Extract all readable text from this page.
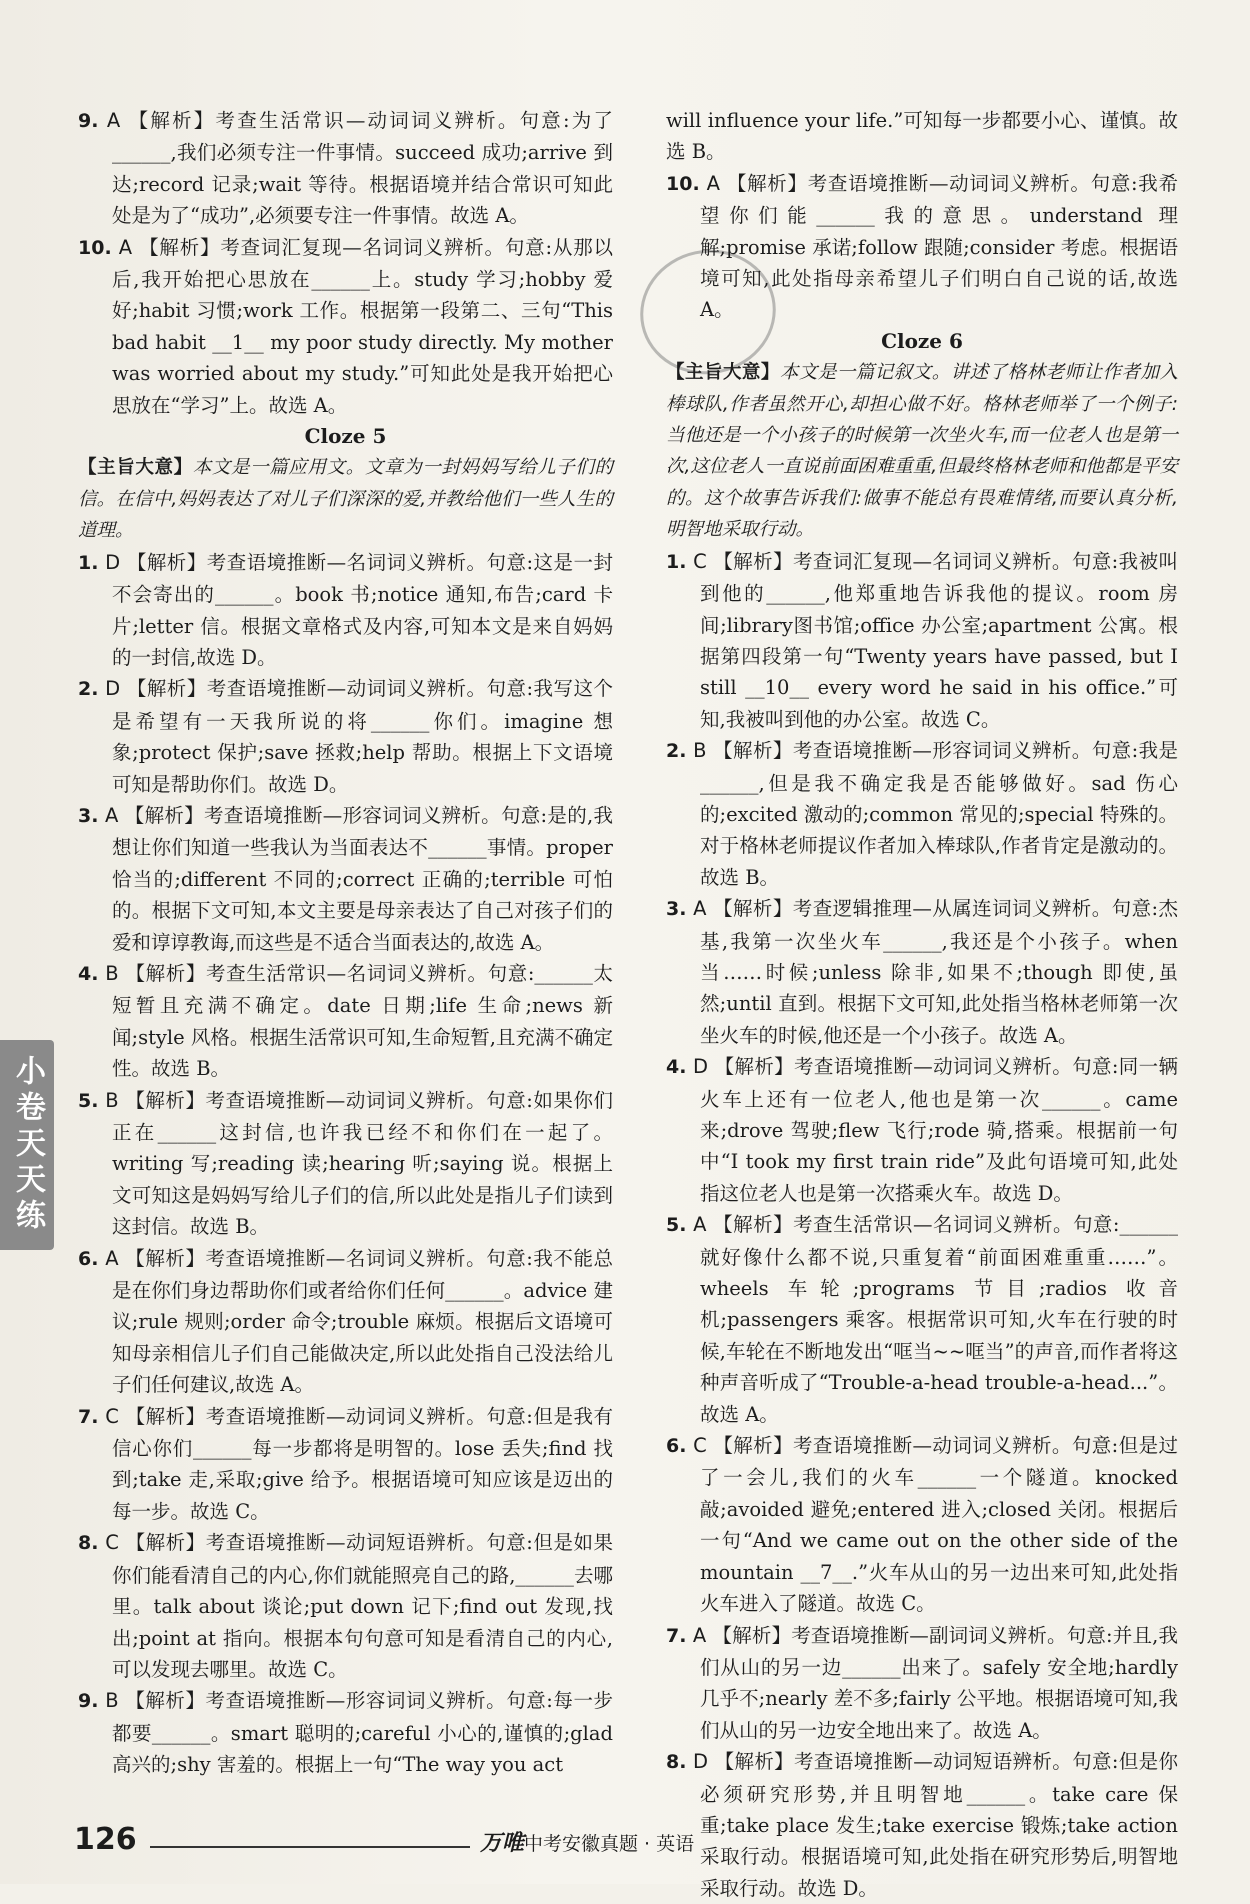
9. A 【解析】考查生活常识—动词词义辨析。句意:为了______,我们必须专注一件事情。succeed 成功;arrive 到达;record 记录;wait 等待。根据语境并结合常识可知此处是为了“成功”,必须要专注一件事情。故选 A。

10. A 【解析】考查词汇复现—名词词义辨析。句意:从那以后,我开始把心思放在______上。study 学习;hobby 爱好;habit 习惯;work 工作。根据第一段第二、三句“This bad habit __1__ my poor study directly. My mother was worried about my study.”可知此处是我开始把心思放在“学习”上。故选 A。

Cloze 5

【主旨大意】本文是一篇应用文。文章为一封妈妈写给儿子们的信。在信中,妈妈表达了对儿子们深深的爱,并教给他们一些人生的道理。

1. D 【解析】考查语境推断—名词词义辨析。句意:这是一封不会寄出的______。book 书;notice 通知,布告;card 卡片;letter 信。根据文章格式及内容,可知本文是来自妈妈的一封信,故选 D。

2. D 【解析】考查语境推断—动词词义辨析。句意:我写这个是希望有一天我所说的将______你们。imagine 想象;protect 保护;save 拯救;help 帮助。根据上下文语境可知是帮助你们。故选 D。

3. A 【解析】考查语境推断—形容词词义辨析。句意:是的,我想让你们知道一些我认为当面表达不______事情。proper 恰当的;different 不同的;correct 正确的;terrible 可怕的。根据下文可知,本文主要是母亲表达了自己对孩子们的爱和谆谆教诲,而这些是不适合当面表达的,故选 A。

4. B 【解析】考查生活常识—名词词义辨析。句意:______太短暂且充满不确定。date 日期;life 生命;news 新闻;style 风格。根据生活常识可知,生命短暂,且充满不确定性。故选 B。

5. B 【解析】考查语境推断—动词词义辨析。句意:如果你们正在______这封信,也许我已经不和你们在一起了。writing 写;reading 读;hearing 听;saying 说。根据上文可知这是妈妈写给儿子们的信,所以此处是指儿子们读到这封信。故选 B。

6. A 【解析】考查语境推断—名词词义辨析。句意:我不能总是在你们身边帮助你们或者给你们任何______。advice 建议;rule 规则;order 命令;trouble 麻烦。根据后文语境可知母亲相信儿子们自己能做决定,所以此处指自己没法给儿子们任何建议,故选 A。

7. C 【解析】考查语境推断—动词词义辨析。句意:但是我有信心你们______每一步都将是明智的。lose 丢失;find 找到;take 走,采取;give 给予。根据语境可知应该是迈出的每一步。故选 C。

8. C 【解析】考查语境推断—动词短语辨析。句意:但是如果你们能看清自己的内心,你们就能照亮自己的路,______去哪里。talk about 谈论;put down 记下;find out 发现,找出;point at 指向。根据本句句意可知是看清自己的内心,可以发现去哪里。故选 C。

9. B 【解析】考查语境推断—形容词词义辨析。句意:每一步都要______。smart 聪明的;careful 小心的,谨慎的;glad 高兴的;shy 害羞的。根据上一句“The way you act

will influence your life.”可知每一步都要小心、谨慎。故选 B。

10. A 【解析】考查语境推断—动词词义辨析。句意:我希望你们能______我的意思。understand 理解;promise 承诺;follow 跟随;consider 考虑。根据语境可知,此处指母亲希望儿子们明白自己说的话,故选 A。

Cloze 6

【主旨大意】本文是一篇记叙文。讲述了格林老师让作者加入棒球队,作者虽然开心,却担心做不好。格林老师举了一个例子:当他还是一个小孩子的时候第一次坐火车,而一位老人也是第一次,这位老人一直说前面困难重重,但最终格林老师和他都是平安的。这个故事告诉我们:做事不能总有畏难情绪,而要认真分析,明智地采取行动。

1. C 【解析】考查词汇复现—名词词义辨析。句意:我被叫到他的______,他郑重地告诉我他的提议。room 房间;library图书馆;office 办公室;apartment 公寓。根据第四段第一句“Twenty years have passed, but I still __10__ every word he said in his office.”可知,我被叫到他的办公室。故选 C。

2. B 【解析】考查语境推断—形容词词义辨析。句意:我是______,但是我不确定我是否能够做好。sad 伤心的;excited 激动的;common 常见的;special 特殊的。对于格林老师提议作者加入棒球队,作者肯定是激动的。故选 B。

3. A 【解析】考查逻辑推理—从属连词词义辨析。句意:杰基,我第一次坐火车______,我还是个小孩子。when 当……时候;unless 除非,如果不;though 即使,虽然;until 直到。根据下文可知,此处指当格林老师第一次坐火车的时候,他还是一个小孩子。故选 A。

4. D 【解析】考查语境推断—动词词义辨析。句意:同一辆火车上还有一位老人,他也是第一次______。came 来;drove 驾驶;flew 飞行;rode 骑,搭乘。根据前一句中“I took my first train ride”及此句语境可知,此处指这位老人也是第一次搭乘火车。故选 D。

5. A 【解析】考查生活常识—名词词义辨析。句意:______就好像什么都不说,只重复着“前面困难重重……”。wheels 车轮;programs 节目;radios 收音机;passengers 乘客。根据常识可知,火车在行驶的时候,车轮在不断地发出“哐当~~哐当”的声音,而作者将这种声音听成了“Trouble-a-head trouble-a-head...”。故选 A。

6. C 【解析】考查语境推断—动词词义辨析。句意:但是过了一会儿,我们的火车______一个隧道。knocked 敲;avoided 避免;entered 进入;closed 关闭。根据后一句“And we came out on the other side of the mountain __7__.”火车从山的另一边出来可知,此处指火车进入了隧道。故选 C。

7. A 【解析】考查语境推断—副词词义辨析。句意:并且,我们从山的另一边______出来了。safely 安全地;hardly 几乎不;nearly 差不多;fairly 公平地。根据语境可知,我们从山的另一边安全地出来了。故选 A。

8. D 【解析】考查语境推断—动词短语辨析。句意:但是你必须研究形势,并且明智地______。take care 保重;take place 发生;take exercise 锻炼;take action 采取行动。根据语境可知,此处指在研究形势后,明智地采取行动。故选 D。

小卷天天练
126	万唯中考安徽真题 · 英语
